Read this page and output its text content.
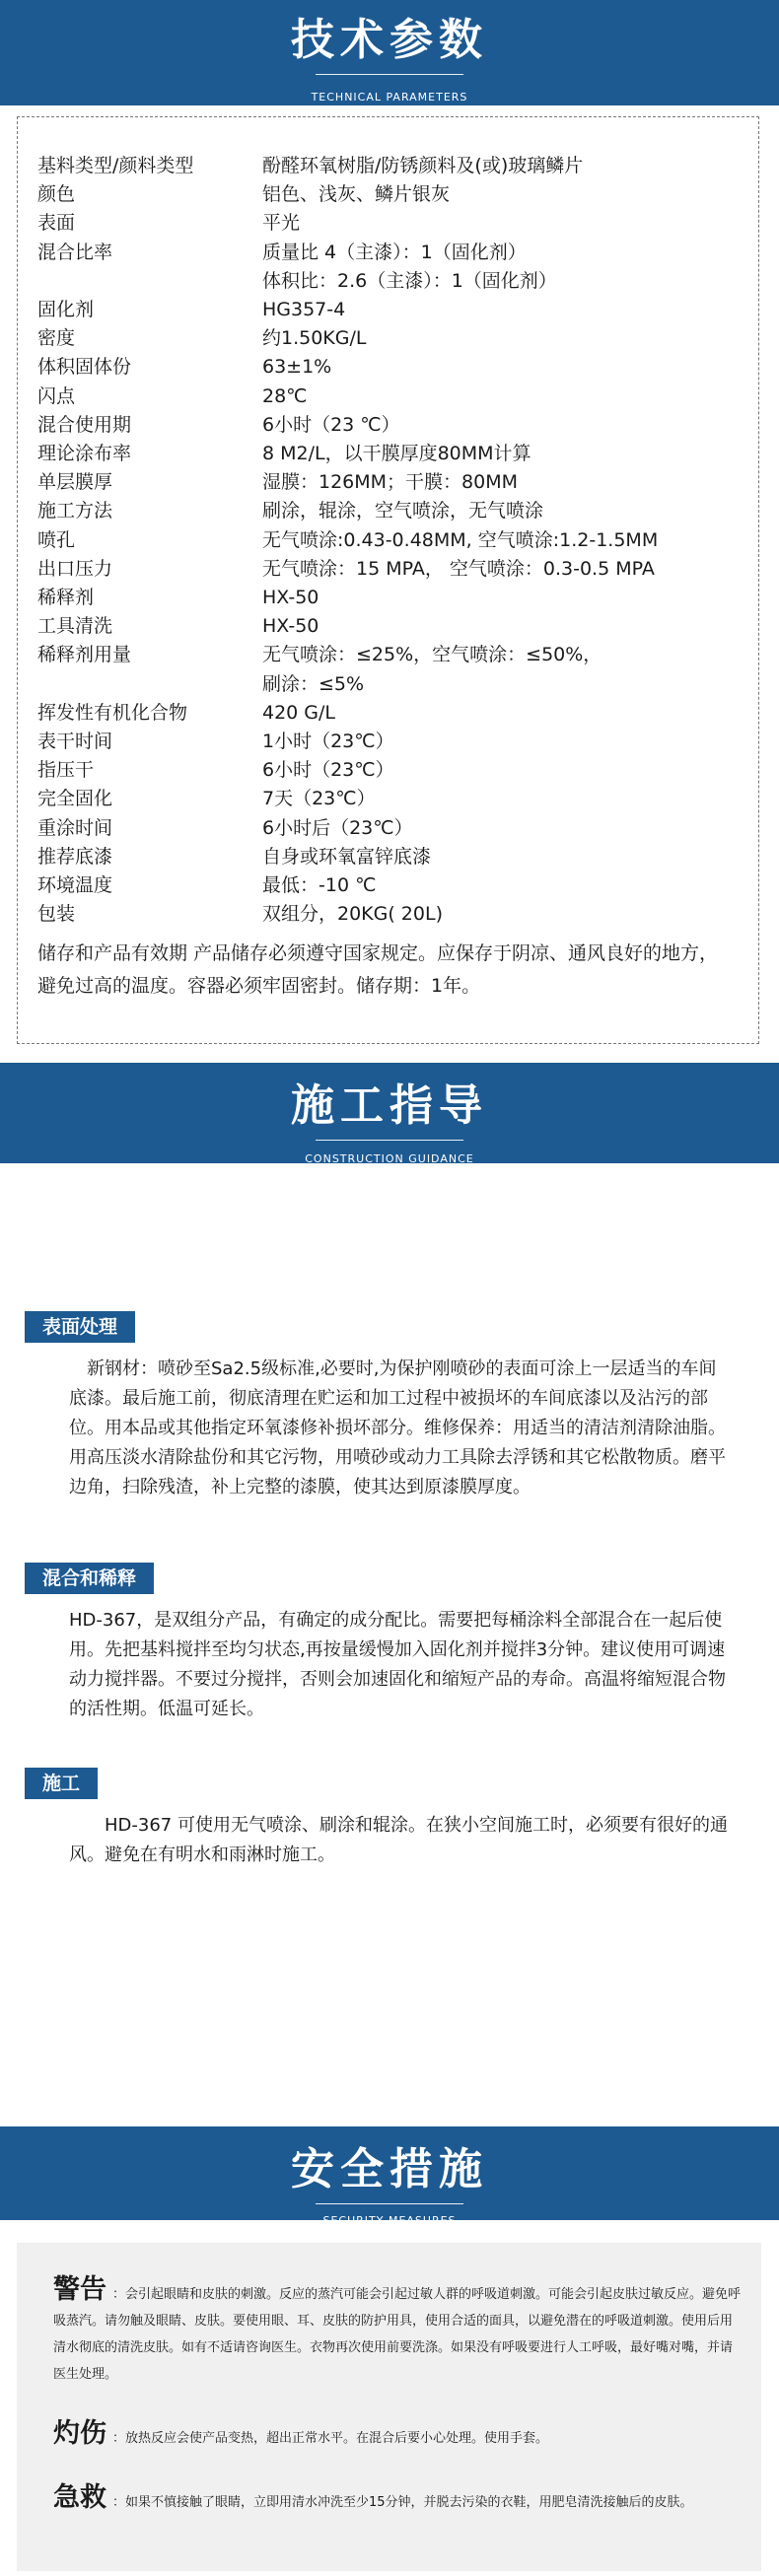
技术参数
TECHNICAL PARAMETERS
基料类型/颜料类型	酚醛环氧树脂/防锈颜料及(或)玻璃鳞片
颜色	铝色、浅灰、鳞片银灰
表面	平光
混合比率	质量比 4（主漆）：1（固化剂）
体积比：2.6（主漆）：1（固化剂）
固化剂	HG357-4
密度	约1.50KG/L
体积固体份	63±1%
闪点	28℃
混合使用期	6小时（23 ℃）
理论涂布率	8 M2/L，以干膜厚度80MM计算
单层膜厚	湿膜：126MM；干膜：80MM
施工方法	刷涂，辊涂，空气喷涂，无气喷涂
喷孔	无气喷涂:0.43-0.48MM, 空气喷涂:1.2-1.5MM
出口压力	无气喷涂：15 MPA， 空气喷涂：0.3-0.5 MPA
稀释剂	HX-50
工具清洗	HX-50
稀释剂用量	无气喷涂：≤25%，空气喷涂：≤50%，
刷涂：≤5%
挥发性有机化合物	420 G/L
表干时间	1小时（23℃）
指压干	6小时（23℃）
完全固化	7天（23℃）
重涂时间	6小时后（23℃）
推荐底漆	自身或环氧富锌底漆
环境温度	最低：-10 ℃
包装	双组分，20KG( 20L)
储存和产品有效期 产品储存必须遵守国家规定。应保存于阴凉、通风良好的地方，避免过高的温度。容器必须牢固密封。储存期：1年。
施工指导
CONSTRUCTION GUIDANCE
表面处理
　新钢材：喷砂至Sa2.5级标准,必要时,为保护刚喷砂的表面可涂上一层适当的车间底漆。最后施工前，彻底清理在贮运和加工过程中被损坏的车间底漆以及沾污的部位。用本品或其他指定环氧漆修补损坏部分。维修保养：用适当的清洁剂清除油脂。用高压淡水清除盐份和其它污物，用喷砂或动力工具除去浮锈和其它松散物质。磨平边角，扫除残渣，补上完整的漆膜，使其达到原漆膜厚度。
混合和稀释
HD-367，是双组分产品，有确定的成分配比。需要把每桶涂料全部混合在一起后使用。先把基料搅拌至均匀状态,再按量缓慢加入固化剂并搅拌3分钟。建议使用可调速动力搅拌器。不要过分搅拌，否则会加速固化和缩短产品的寿命。高温将缩短混合物的活性期。低温可延长。
施工
　　HD-367 可使用无气喷涂、刷涂和辊涂。在狭小空间施工时，必须要有很好的通风。避免在有明水和雨淋时施工。
安全措施
SECURITY MEASURES
警告 ：会引起眼睛和皮肤的刺激。反应的蒸汽可能会引起过敏人群的呼吸道刺激。可能会引起皮肤过敏反应。避免呼吸蒸汽。请勿触及眼睛、皮肤。要使用眼、耳、皮肤的防护用具，使用合适的面具，以避免潜在的呼吸道刺激。使用后用清水彻底的清洗皮肤。如有不适请咨询医生。衣物再次使用前要洗涤。如果没有呼吸要进行人工呼吸，最好嘴对嘴，并请医生处理。
灼伤 ：放热反应会使产品变热，超出正常水平。在混合后要小心处理。使用手套。
急救 ：如果不慎接触了眼睛，立即用清水冲洗至少15分钟，并脱去污染的衣鞋，用肥皂清洗接触后的皮肤。
